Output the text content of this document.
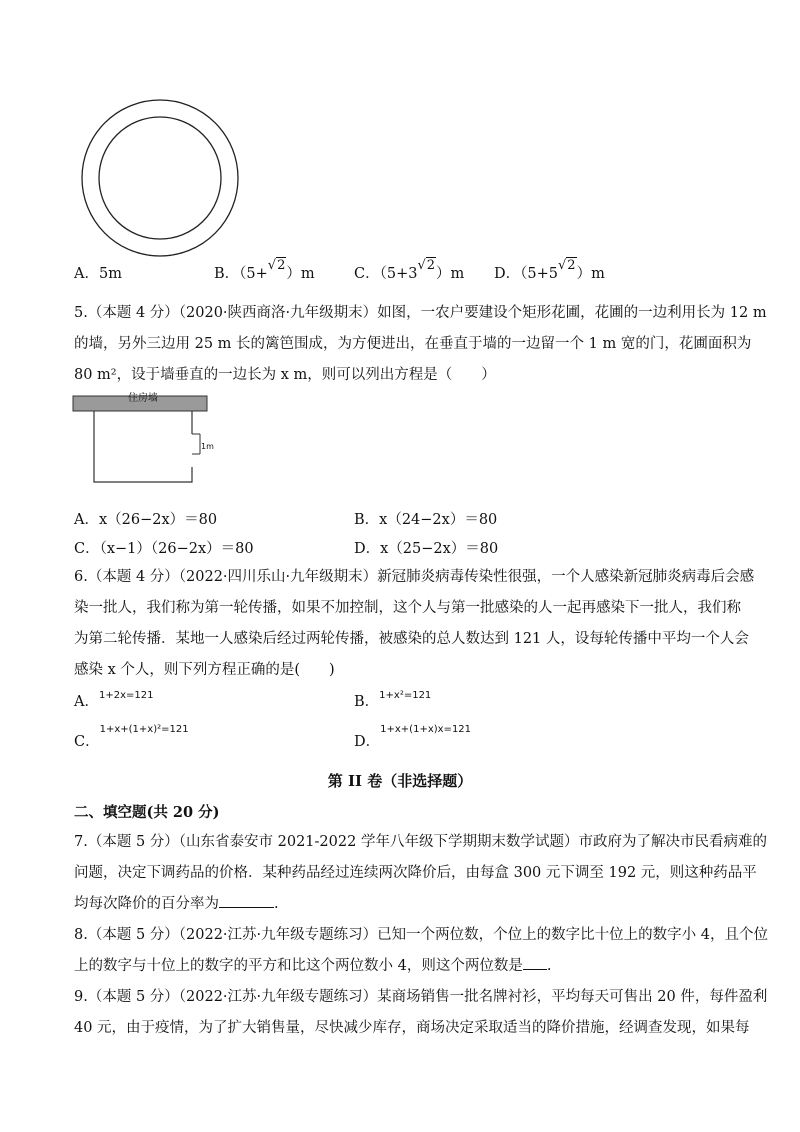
A．5m	B．（5+√2）m	C．（5+3√2）m D．（5+5√2）m
5.（本题 4 分）（2020·陕西商洛·九年级期末）如图，一农户要建设个矩形花圃，花圃的一边利用长为 12 m
的墙，另外三边用 25 m 长的篱笆围成，为方便进出，在垂直于墙的一边留一个 1 m 宽的门，花圃面积为
80 m²，设于墙垂直的一边长为 x m，则可以列出方程是（　　）
住房墙
1m
A．x（26−2x）＝80	B．x（24−2x）＝80
C．（x−1）（26−2x）＝80	D．x（25−2x）＝80
6.（本题 4 分）（2022·四川乐山·九年级期末）新冠肺炎病毒传染性很强，一个人感染新冠肺炎病毒后会感
染一批人，我们称为第一轮传播，如果不加控制，这个人与第一批感染的人一起再感染下一批人，我们称
为第二轮传播．某地一人感染后经过两轮传播，被感染的总人数达到 121 人，设每轮传播中平均一个人会
感染 x 个人，则下列方程正确的是(　　)
A．$^{1+2x=121}$	B．$^{1+x^2=121}$
C．$^{1+x+(1+x)^2=121}$
D．$^{1+x+(1+x)x=121}$
第 II 卷（非选择题）
二、填空题(共 20 分)
7.（本题 5 分）（山东省泰安市 2021-2022 学年八年级下学期期末数学试题）市政府为了解决市民看病难的
问题，决定下调药品的价格．某种药品经过连续两次降价后，由每盒 300 元下调至 192 元，则这种药品平
均每次降价的百分率为	.
8.（本题 5 分）（2022·江苏·九年级专题练习）已知一个两位数，个位上的数字比十位上的数字小 4，且个位
上的数字与十位上的数字的平方和比这个两位数小 4，则这个两位数是 .
9.（本题 5 分）（2022·江苏·九年级专题练习）某商场销售一批名牌衬衫，平均每天可售出 20 件，每件盈利
40 元，由于疫情，为了扩大销售量，尽快减少库存，商场决定采取适当的降价措施，经调查发现，如果每
